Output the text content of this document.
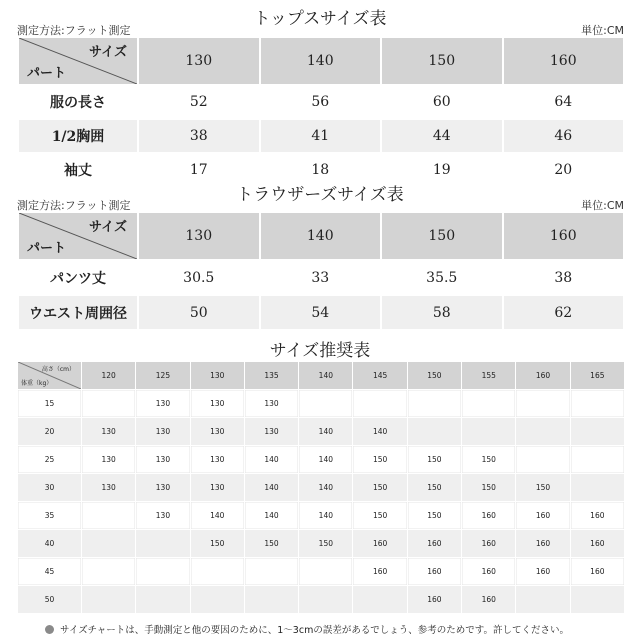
トップスサイズ表
測定方法:フラット測定	単位:CM
サイズ
パート	130	140	150	160
服の長さ	52	56	60	64
1/2胸囲	38	41	44	46
袖丈	17	18	19	20
トラウザーズサイズ表
測定方法:フラット測定	単位:CM
サイズ
パート	130	140	150	160
パンツ丈	30.5	33	35.5	38
ウエスト周囲径	50	54	58	62
サイズ推奨表
高さ（cm）
体重（kg）	120	125	130	135	140	145	150	155	160	165
15		130	130	130						
20	130	130	130	130	140	140				
25	130	130	130	140	140	150	150	150		
30	130	130	130	140	140	150	150	150	150	
35		130	140	140	140	150	150	160	160	160
40			150	150	150	160	160	160	160	160
45						160	160	160	160	160
50							160	160		
サイズチャートは、手動測定と他の要因のために、1〜3cmの誤差があるでしょう、参考のためです。許してください。
